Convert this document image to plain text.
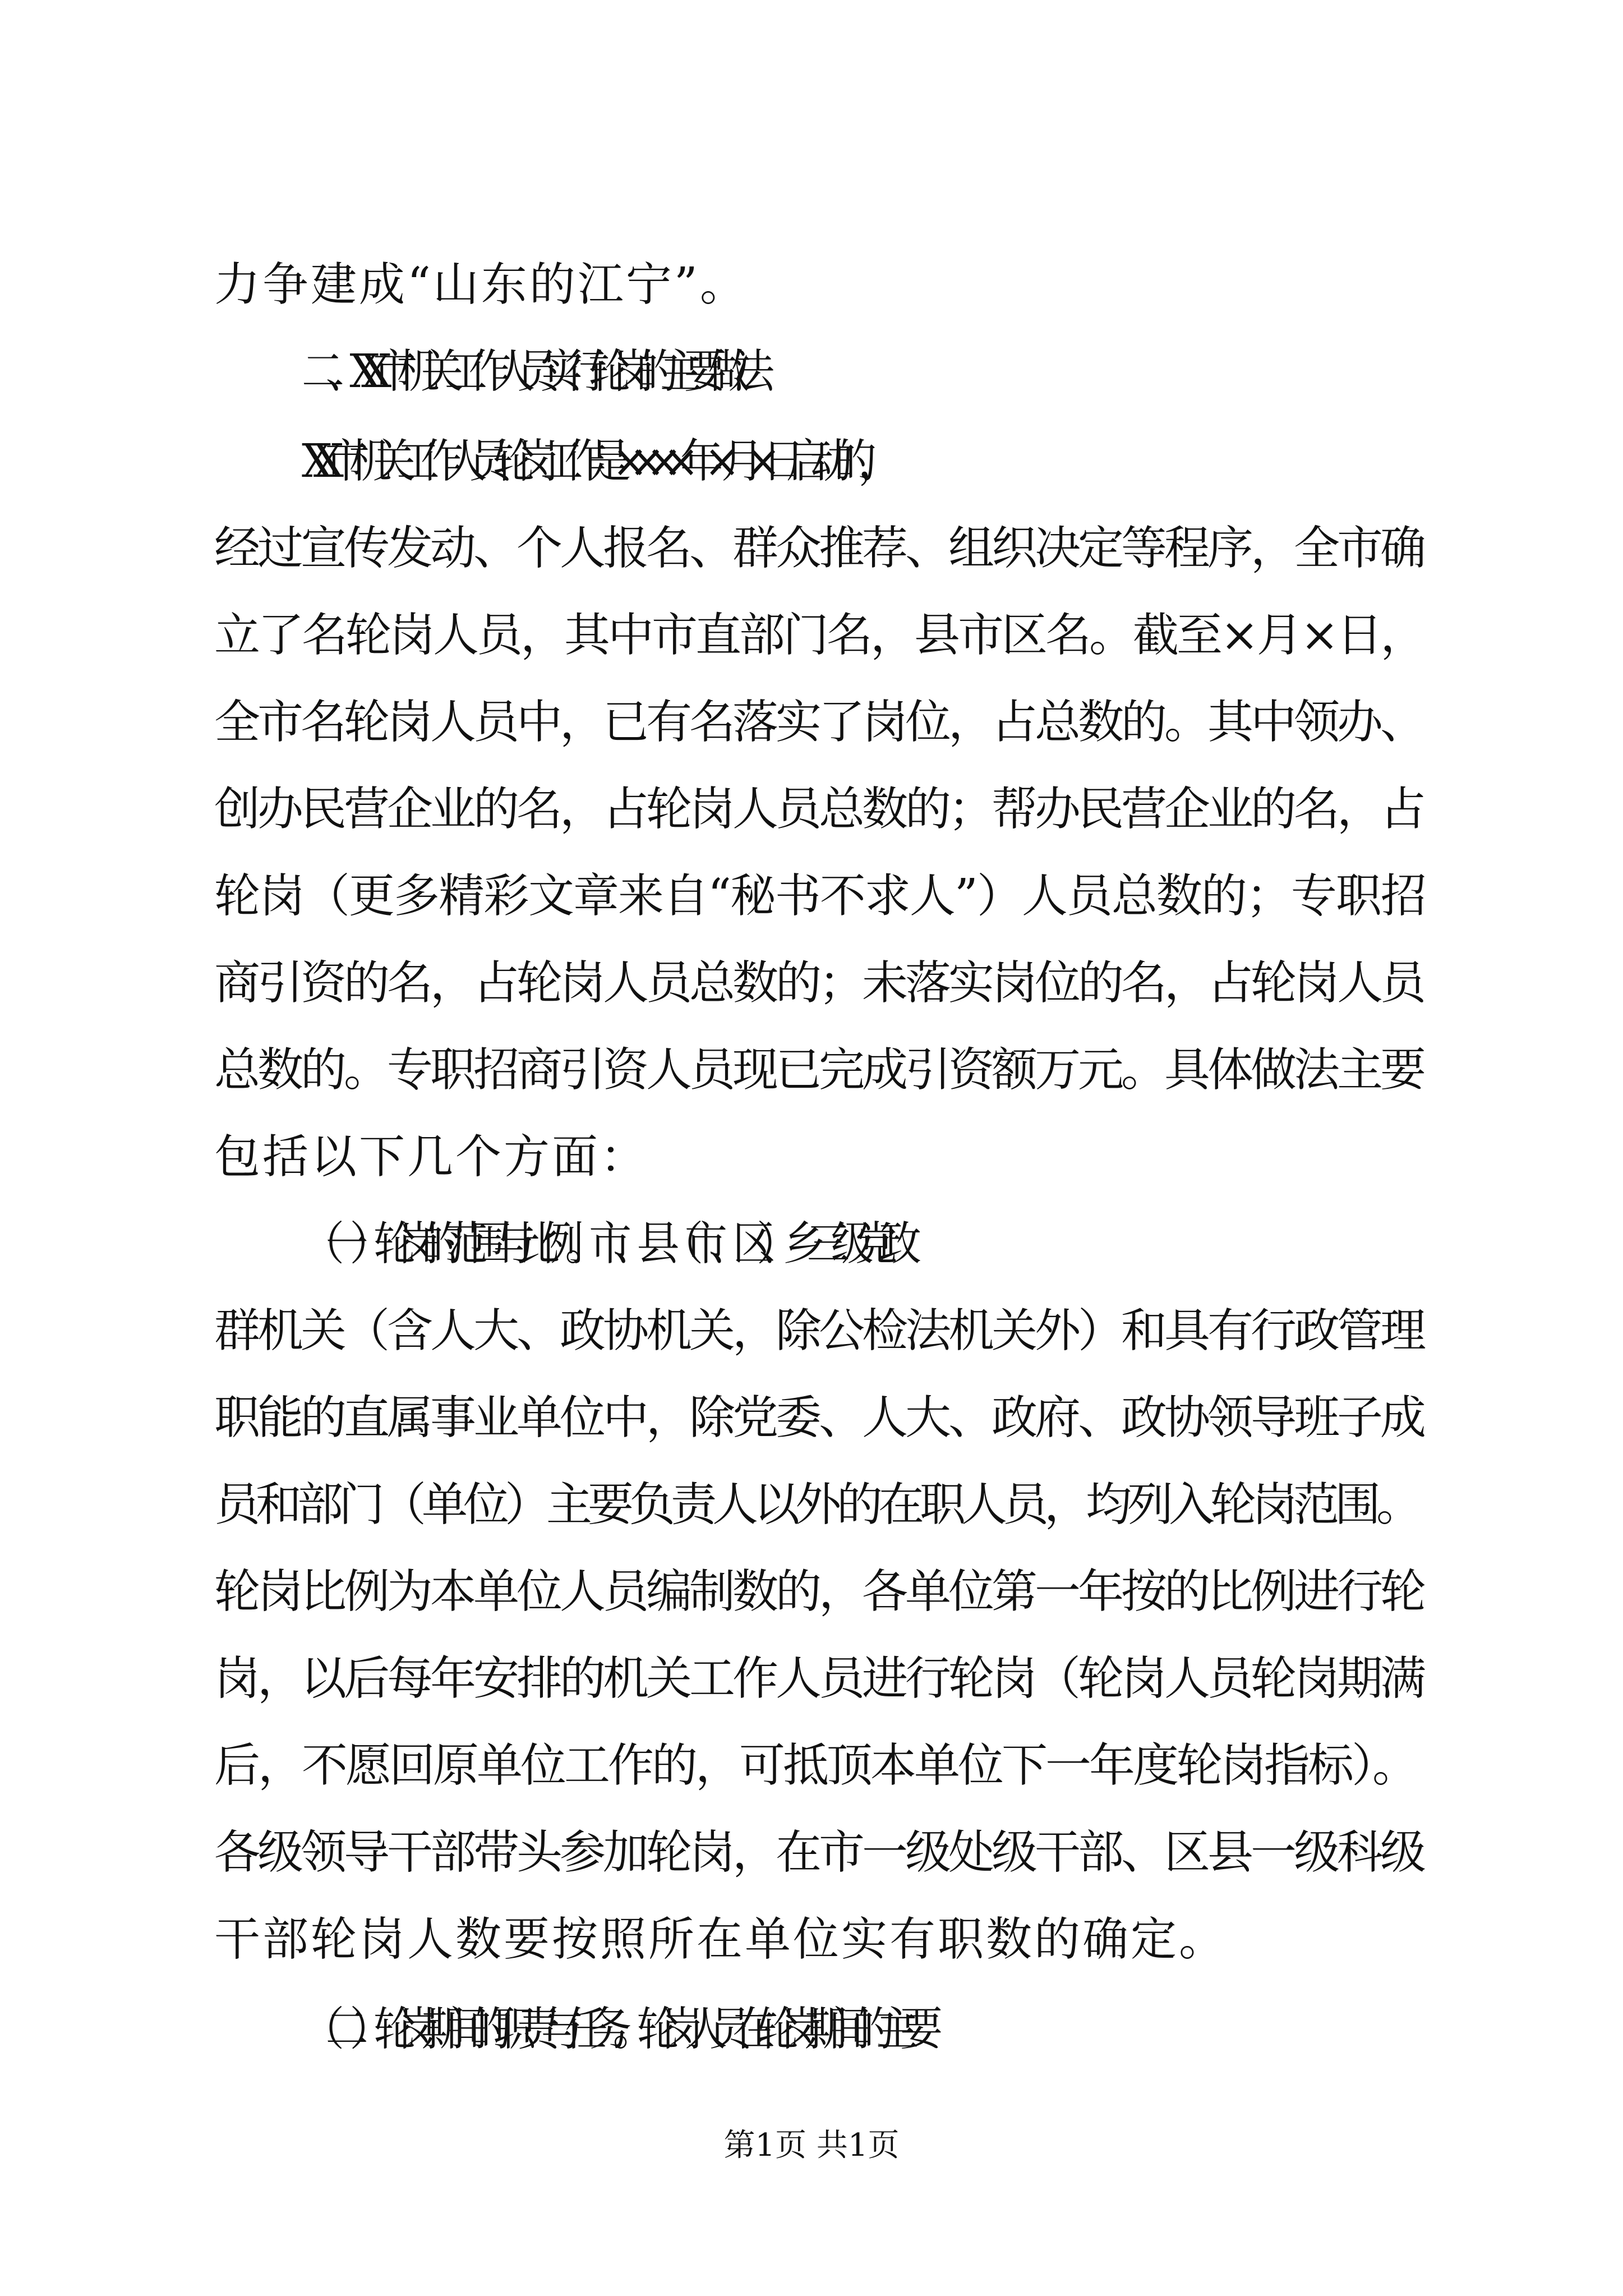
力争建成“山东的江宁”。
二、XX市机关工作人员实行轮岗的主要做法
XX市机关工作人员轮岗工作是××××年×月×日启动的，
经过宣传发动、个人报名、群众推荐、组织决定等程序，全市确
立了名轮岗人员，其中市直部门名，县市区名。截至×月×日，
全市名轮岗人员中，已有名落实了岗位，占总数的。其中领办、
创办民营企业的名，占轮岗人员总数的；帮办民营企业的名，占
轮岗（更多精彩文章来自“秘书不求人”）人员总数的；专职招
商引资的名，占轮岗人员总数的；未落实岗位的名，占轮岗人员
总数的。专职招商引资人员现已完成引资额万元。具体做法主要
包括以下几个方面：
（一）轮岗的范围与比例。市、县（市、区）、乡三级党政
群机关（含人大、政协机关，除公检法机关外）和具有行政管理
职能的直属事业单位中，除党委、人大、政府、政协领导班子成
员和部门（单位）主要负责人以外的在职人员，均列入轮岗范围。
轮岗比例为本单位人员编制数的，各单位第一年按的比例进行轮
岗，以后每年安排的机关工作人员进行轮岗（轮岗人员轮岗期满
后，不愿回原单位工作的，可抵顶本单位下一年度轮岗指标）。
各级领导干部带头参加轮岗，在市一级处级干部、区县一级科级
干部轮岗人数要按照所在单位实有职数的确定。
（二）轮岗期间的职责与任务。轮岗人员在轮岗期间的主要
第1页 共1页
